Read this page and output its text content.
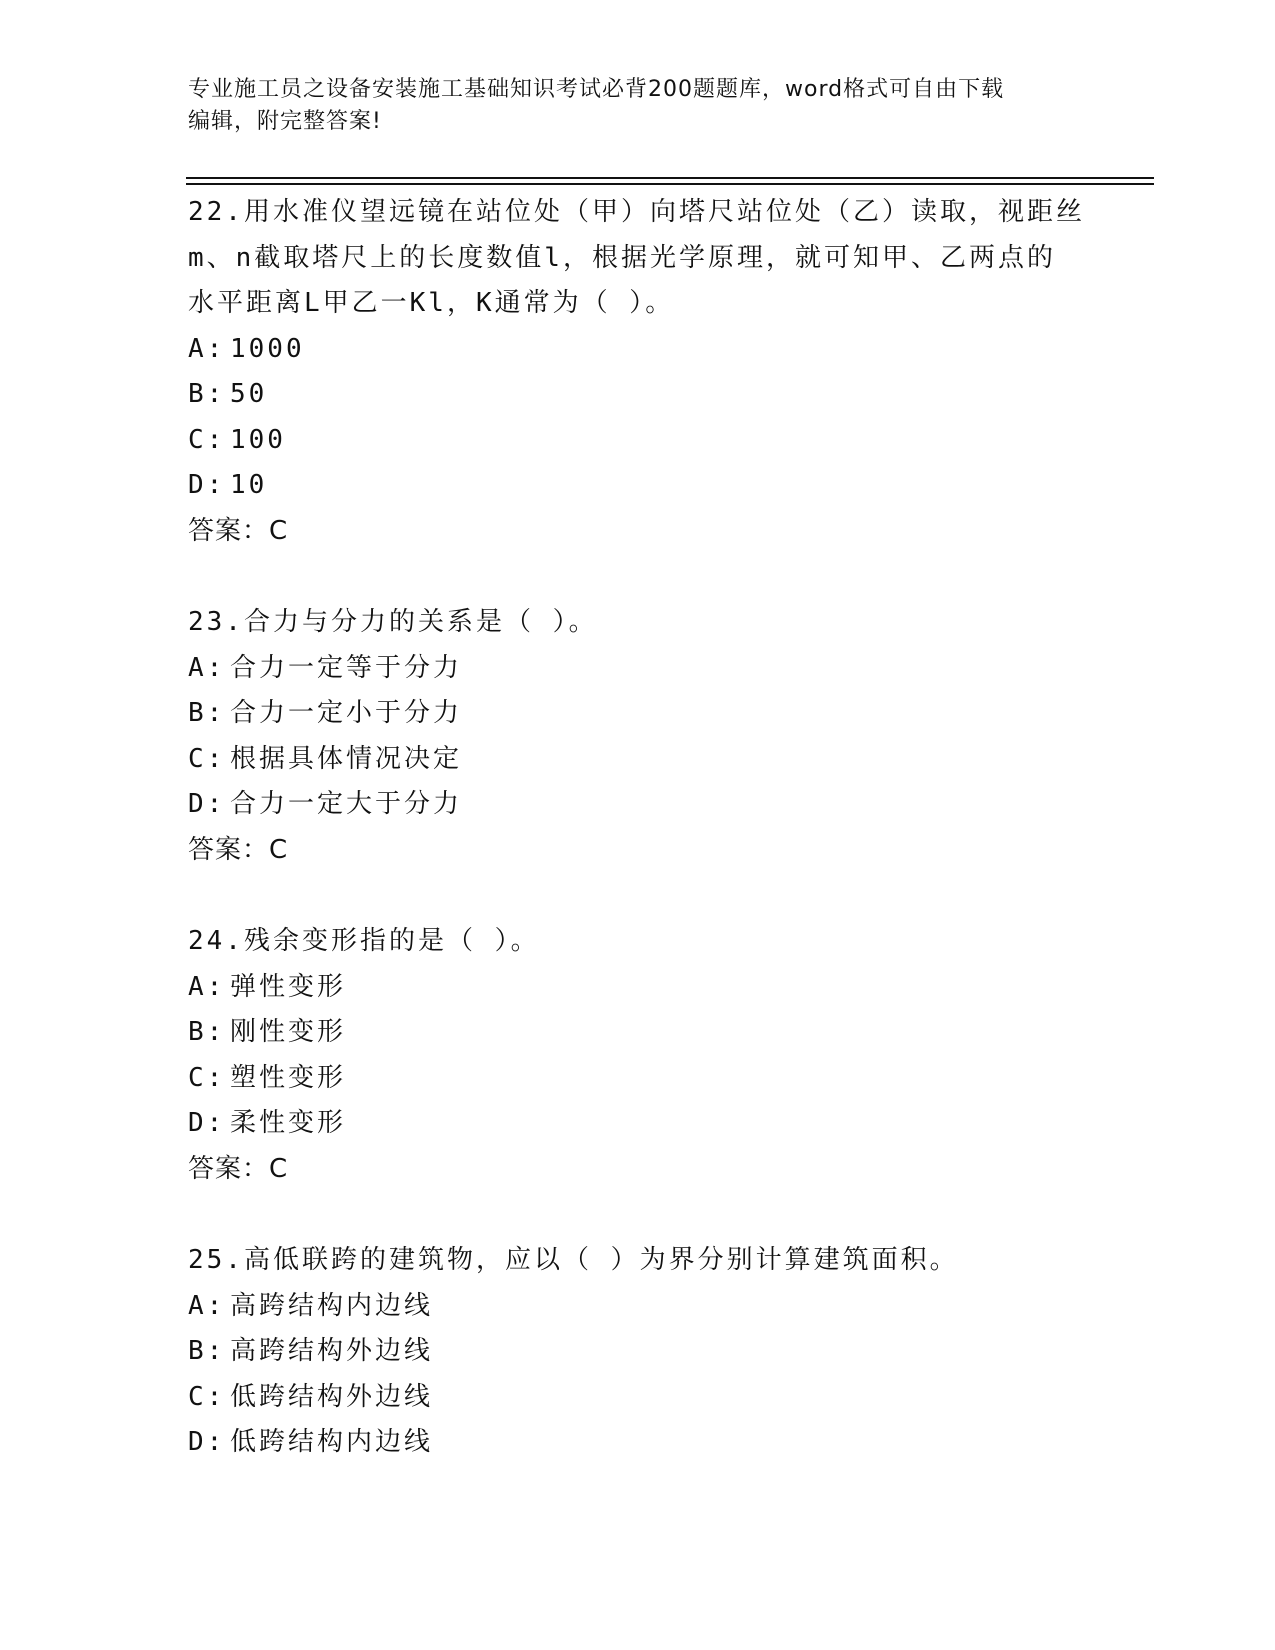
专业施工员之设备安装施工基础知识考试必背200题题库，word格式可自由下载
编辑，附完整答案!
22.用水准仪望远镜在站位处（甲）向塔尺站位处（乙）读取，视距丝
m、n截取塔尺上的长度数值l，根据光学原理，就可知甲、乙两点的
水平距离L甲乙一Kl，K通常为（ ）。
A: 1000
B: 50
C: 100
D: 10
答案：C
23.合力与分力的关系是（ ）。
A: 合力一定等于分力
B: 合力一定小于分力
C: 根据具体情况决定
D: 合力一定大于分力
答案：C
24.残余变形指的是（ ）。
A: 弹性变形
B: 刚性变形
C: 塑性变形
D: 柔性变形
答案：C
25.高低联跨的建筑物，应以（ ）为界分别计算建筑面积。
A: 高跨结构内边线
B: 高跨结构外边线
C: 低跨结构外边线
D: 低跨结构内边线
